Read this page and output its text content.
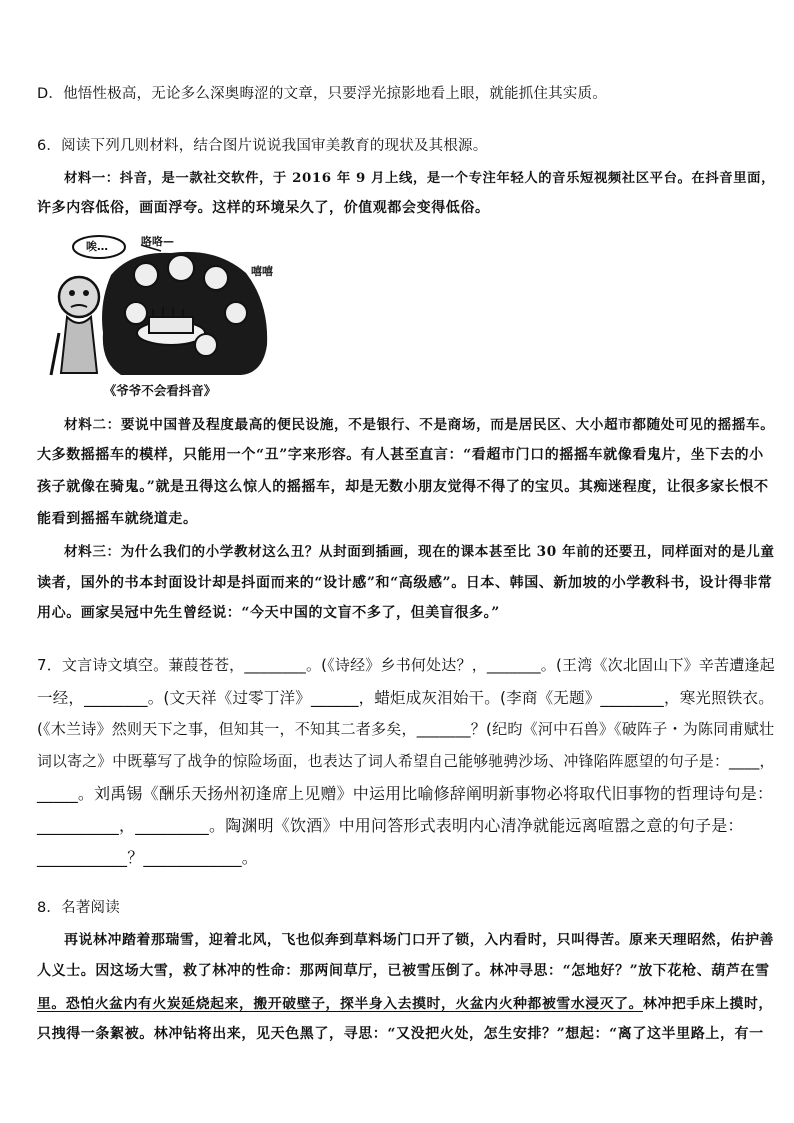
D．他悟性极高，无论多么深奥晦涩的文章，只要浮光掠影地看上眼，就能抓住其实质。
6．阅读下列几则材料，结合图片说说我国审美教育的现状及其根源。
材料一：抖音，是一款社交软件，于 2016 年 9 月上线，是一个专注年轻人的音乐短视频社区平台。在抖音里面，
许多内容低俗，画面浮夸。这样的环境呆久了，价值观都会变得低俗。
唉…	咯咯—
嘻嘻
《爷爷不会看抖音》
材料二：要说中国普及程度最高的便民设施，不是银行、不是商场，而是居民区、大小超市都随处可见的摇摇车。
大多数摇摇车的模样，只能用一个“丑”字来形容。有人甚至直言：“看超市门口的摇摇车就像看鬼片，坐下去的小
孩子就像在骑鬼。”就是丑得这么惊人的摇摇车，却是无数小朋友觉得不得了的宝贝。其痴迷程度，让很多家长恨不
能看到摇摇车就绕道走。
材料三：为什么我们的小学教材这么丑？从封面到插画，现在的课本甚至比 30 年前的还要丑，同样面对的是儿童
读者，国外的书本封面设计却是抖面而来的“设计感”和“高级感”。日本、韩国、新加坡的小学教科书，设计得非常
用心。画家吴冠中先生曾经说：“今天中国的文盲不多了，但美盲很多。”
7．文言诗文填空。蒹葭苍苍，________。(《诗经》乡书何处达？，_______。(王湾《次北固山下》辛苦遭逢起
一经，________。(文天祥《过零丁洋》______，蜡炬成灰泪始干。(李商《无题》________，寒光照铁衣。
(《木兰诗》然则天下之事，但知其一，不知其二者多矣，_______？(纪昀《河中石兽》《破阵子・为陈同甫赋壮
词以寄之》中既摹写了战争的惊险场面，也表达了词人希望自己能够驰骋沙场、冲锋陷阵愿望的句子是：____，
_____。刘禹锡《酬乐天扬州初逢席上见赠》中运用比喻修辞阐明新事物必将取代旧事物的哲理诗句是：
__________，_________。陶渊明《饮酒》中用问答形式表明内心清净就能远离喧嚣之意的句子是：
___________？____________。
8．名著阅读
再说林冲踏着那瑞雪，迎着北风，飞也似奔到草料场门口开了锁，入内看时，只叫得苦。原来天理昭然，佑护善
人义士。因这场大雪，救了林冲的性命：那两间草厅，已被雪压倒了。林冲寻思：“怎地好？”放下花枪、葫芦在雪
里。恐怕火盆内有火炭延烧起来，搬开破壁子，探半身入去摸时，火盆内火种都被雪水浸灭了。林冲把手床上摸时，
只拽得一条絮被。林冲钻将出来，见天色黑了，寻思：“又没把火处，怎生安排？”想起：“离了这半里路上，有一
